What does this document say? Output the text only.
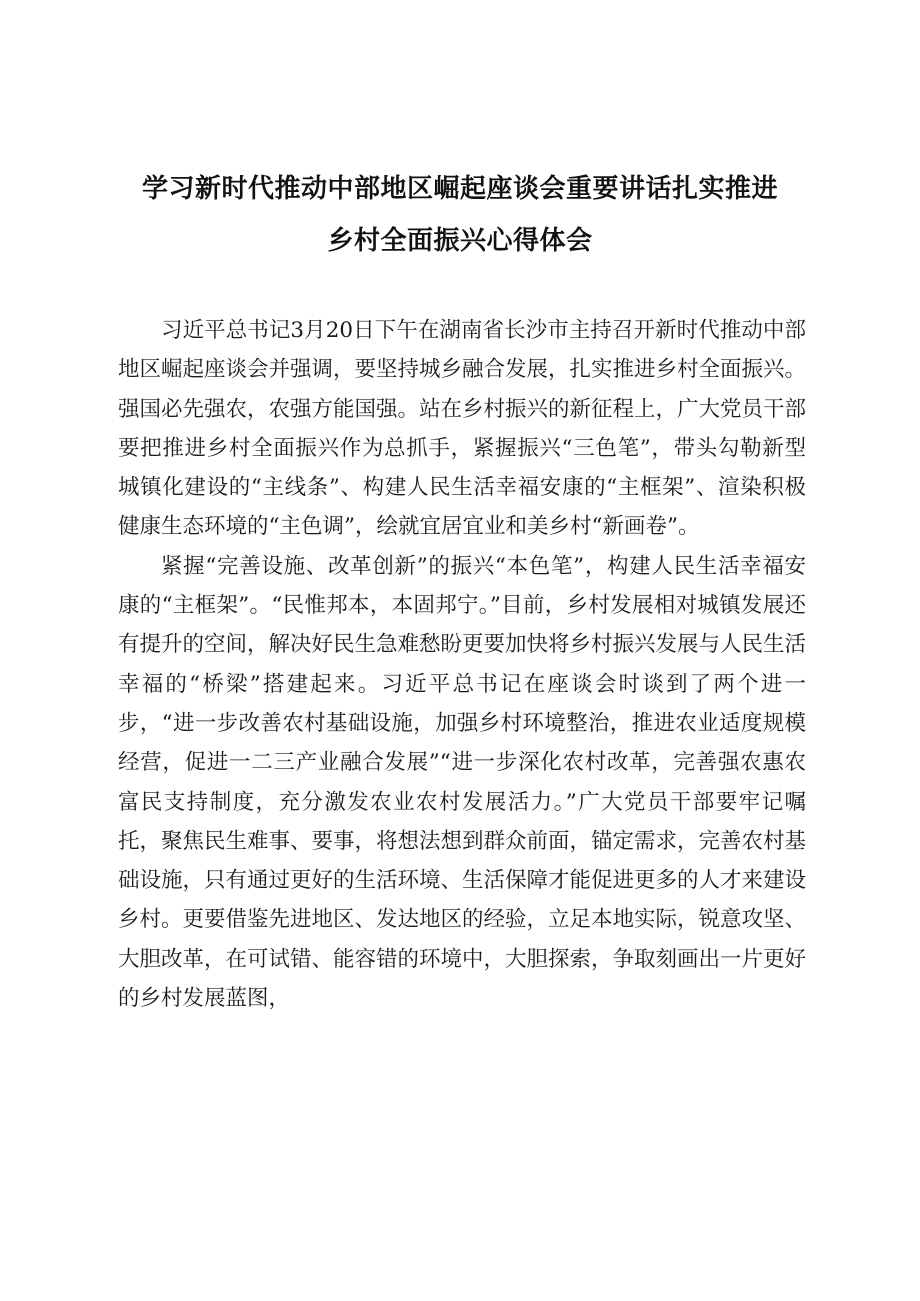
学习新时代推动中部地区崛起座谈会重要讲话扎实推进
乡村全面振兴心得体会

习近平总书记3月20日下午在湖南省长沙市主持召开新时代推动中部地区崛起座谈会并强调，要坚持城乡融合发展，扎实推进乡村全面振兴。强国必先强农，农强方能国强。站在乡村振兴的新征程上，广大党员干部要把推进乡村全面振兴作为总抓手，紧握振兴“三色笔”，带头勾勒新型城镇化建设的“主线条”、构建人民生活幸福安康的“主框架”、渲染积极健康生态环境的“主色调”，绘就宜居宜业和美乡村“新画卷”。

紧握“完善设施、改革创新”的振兴“本色笔”，构建人民生活幸福安康的“主框架”。“民惟邦本，本固邦宁。”目前，乡村发展相对城镇发展还有提升的空间，解决好民生急难愁盼更要加快将乡村振兴发展与人民生活幸福的“桥梁”搭建起来。习近平总书记在座谈会时谈到了两个进一步，“进一步改善农村基础设施，加强乡村环境整治，推进农业适度规模经营，促进一二三产业融合发展”“进一步深化农村改革，完善强农惠农富民支持制度，充分激发农业农村发展活力。”广大党员干部要牢记嘱托，聚焦民生难事、要事，将想法想到群众前面，锚定需求，完善农村基础设施，只有通过更好的生活环境、生活保障才能促进更多的人才来建设乡村。更要借鉴先进地区、发达地区的经验，立足本地实际，锐意攻坚、大胆改革，在可试错、能容错的环境中，大胆探索，争取刻画出一片更好的乡村发展蓝图，
